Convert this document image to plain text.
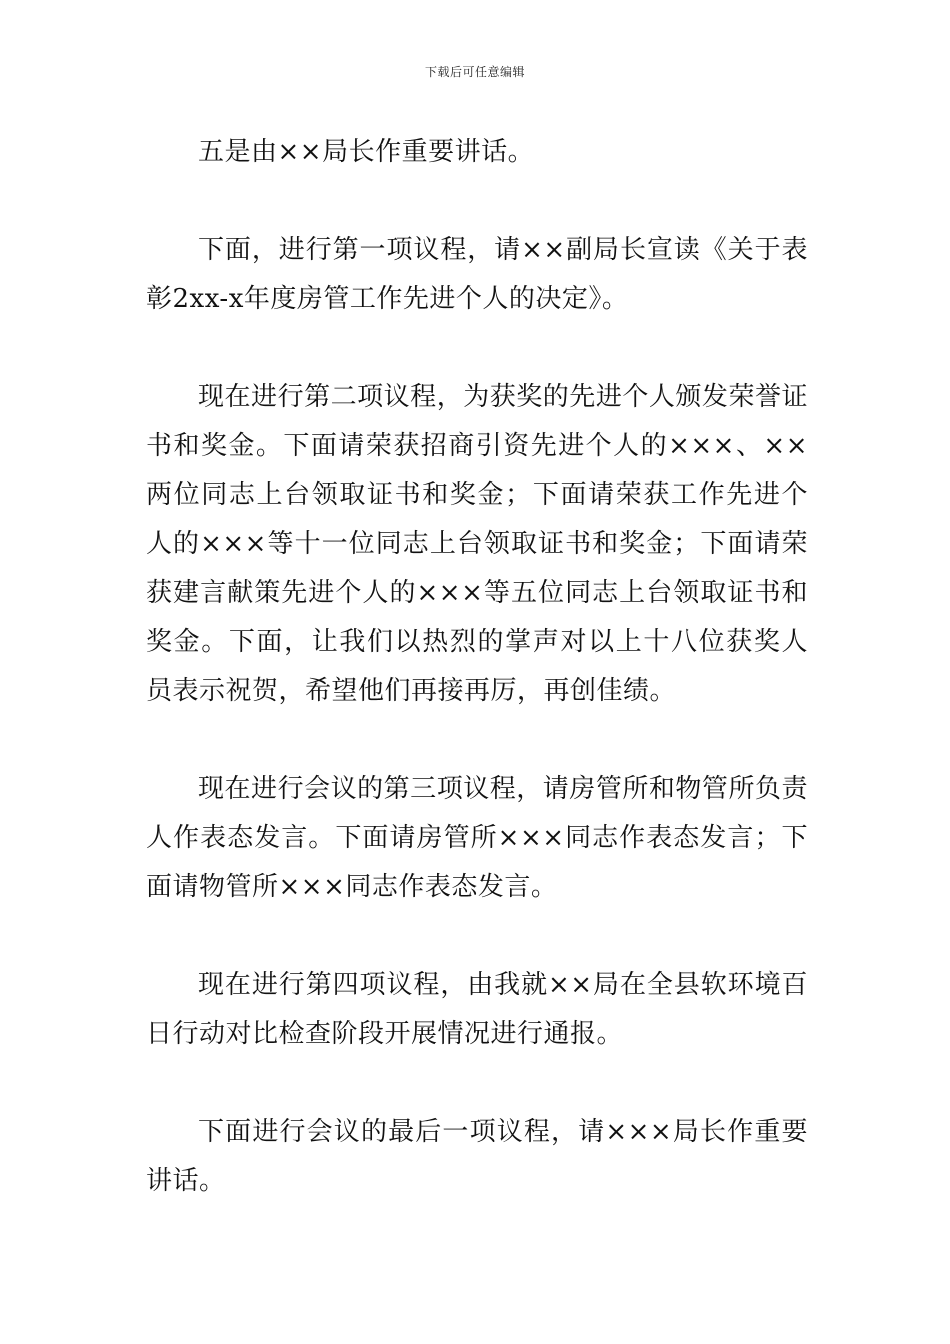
下载后可任意编辑

五是由××局长作重要讲话。

下面，进行第一项议程，请××副局长宣读《关于表彰2xx-x年度房管工作先进个人的决定》。

现在进行第二项议程，为获奖的先进个人颁发荣誉证书和奖金。下面请荣获招商引资先进个人的×××、××两位同志上台领取证书和奖金；下面请荣获工作先进个人的×××等十一位同志上台领取证书和奖金；下面请荣获建言献策先进个人的×××等五位同志上台领取证书和奖金。下面，让我们以热烈的掌声对以上十八位获奖人员表示祝贺，希望他们再接再厉，再创佳绩。

现在进行会议的第三项议程，请房管所和物管所负责人作表态发言。下面请房管所×××同志作表态发言；下面请物管所×××同志作表态发言。

现在进行第四项议程，由我就××局在全县软环境百日行动对比检查阶段开展情况进行通报。

下面进行会议的最后一项议程，请×××局长作重要讲话。
